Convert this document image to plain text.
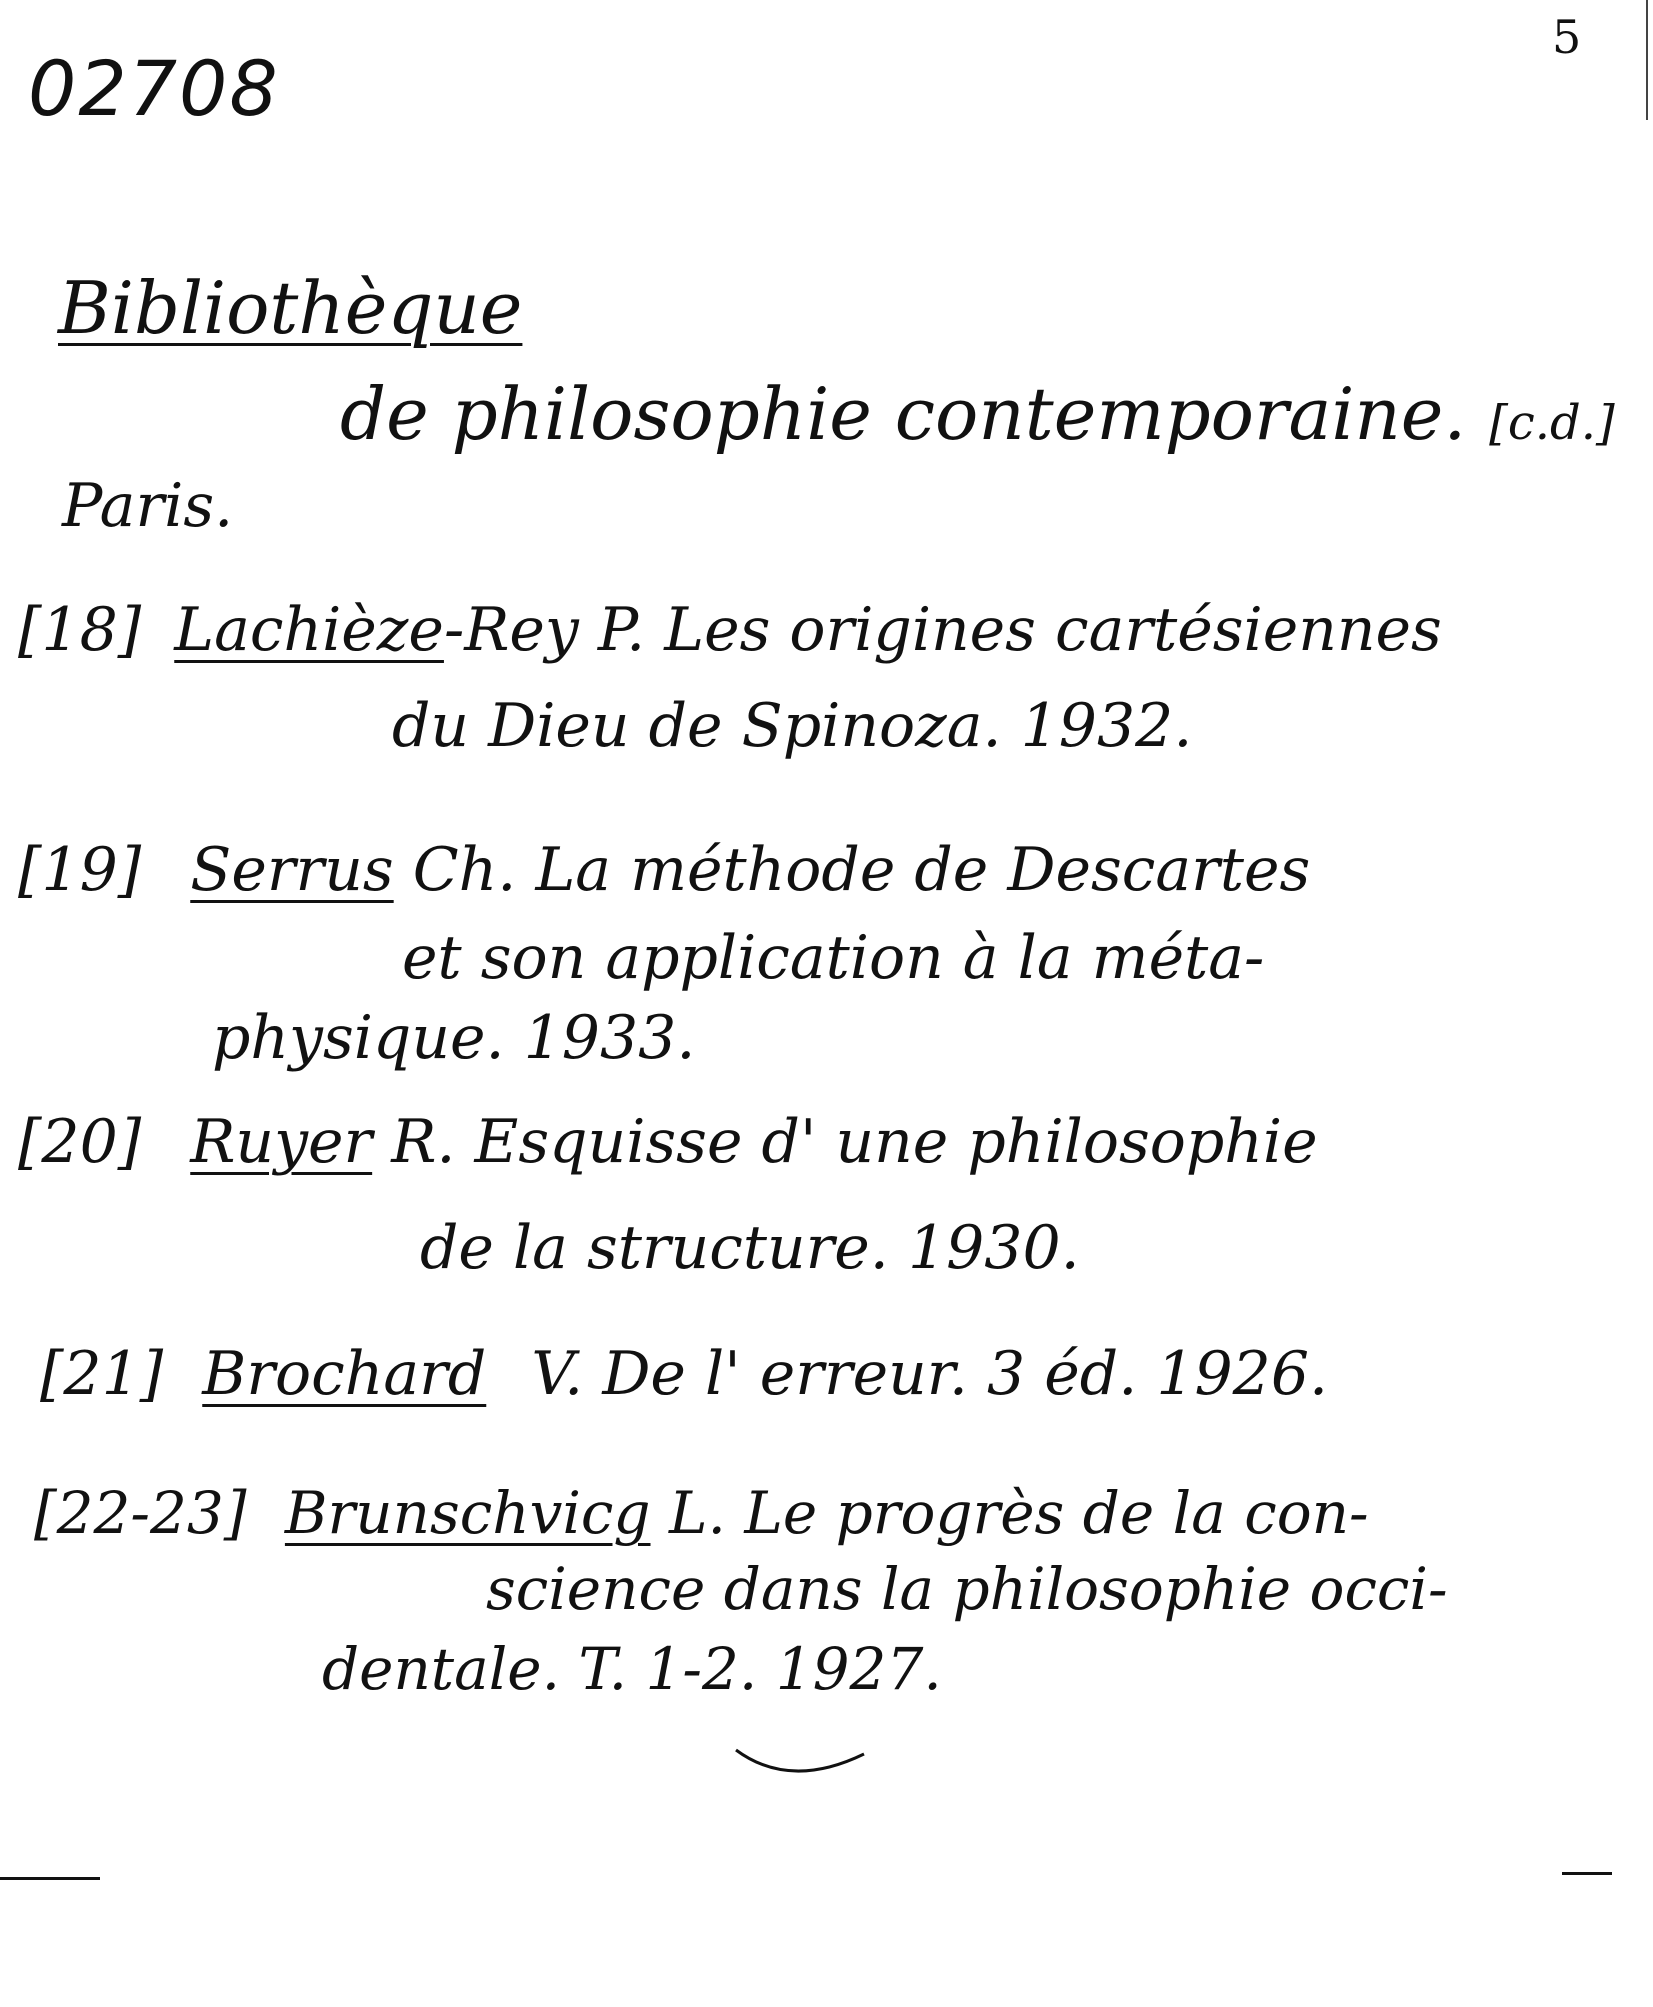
02708
5
Bibliothèque
de philosophie contemporaine. [c.d.]
Paris.
[18] Lachièze-Rey P. Les origines cartésiennes
du Dieu de Spinoza. 1932.
[19] Serrus Ch. La méthode de Descartes
et son application à la méta-
physique. 1933.
[20] Ruyer R. Esquisse d' une philosophie
de la structure. 1930.
[21] Brochard V. De l' erreur. 3 éd. 1926.
[22-23] Brunschvicg L. Le progrès de la con-
science dans la philosophie occi-
dentale. T. 1-2. 1927.
